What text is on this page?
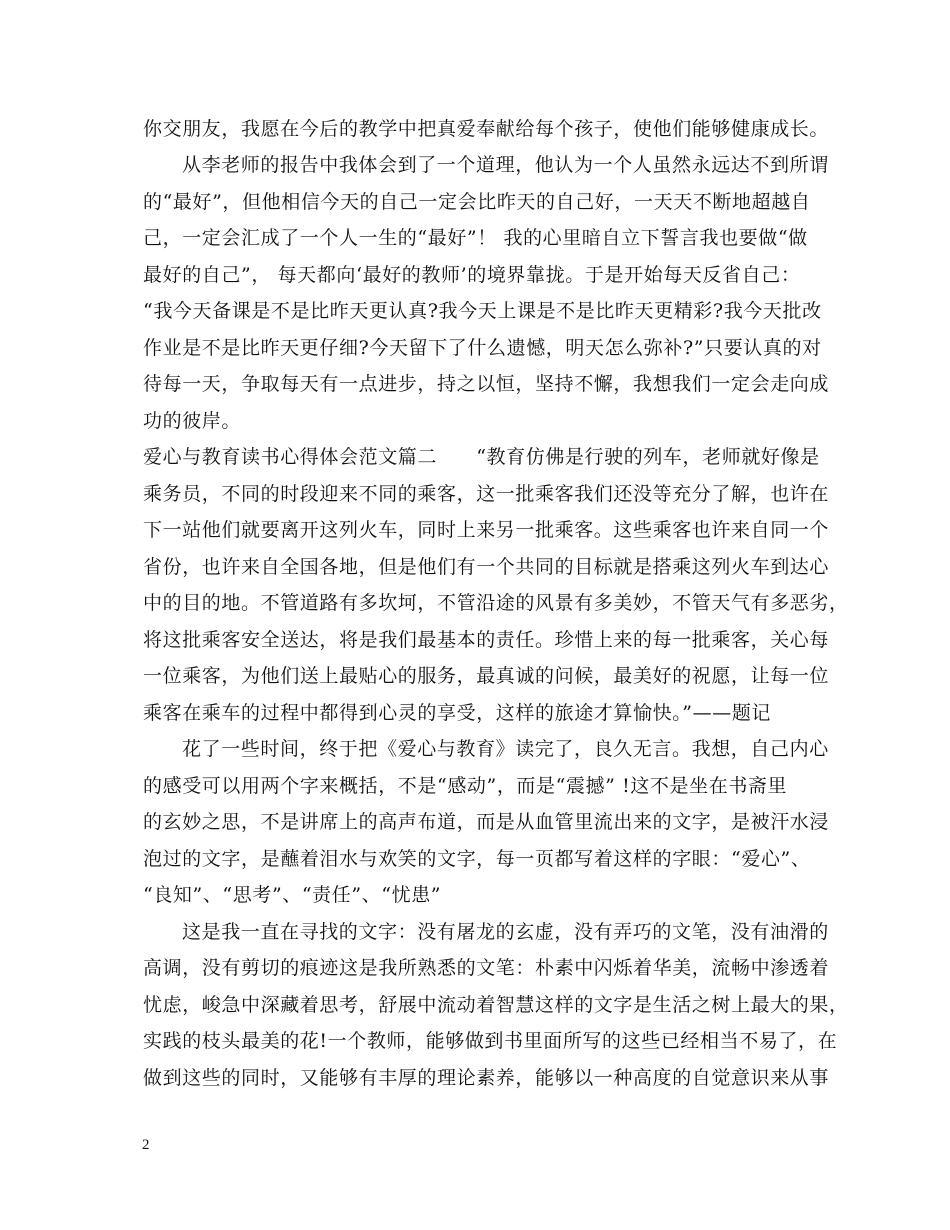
你交朋友，我愿在今后的教学中把真爱奉献给每个孩子，使他们能够健康成长。
从李老师的报告中我体会到了一个道理，他认为一个人虽然永远达不到所谓
的“最好”，但他相信今天的自己一定会比昨天的自己好，一天天不断地超越自
己，一定会汇成了一个人一生的“最好”！ 我的心里暗自立下誓言我也要做“做
最好的自己”， 每天都向‘最好的教师’的境界靠拢。于是开始每天反省自己：
“我今天备课是不是比昨天更认真?我今天上课是不是比昨天更精彩?我今天批改
作业是不是比昨天更仔细?今天留下了什么遗憾，明天怎么弥补?”只要认真的对
待每一天，争取每天有一点进步，持之以恒，坚持不懈，我想我们一定会走向成
功的彼岸。
爱心与教育读书心得体会范文篇二　　“教育仿佛是行驶的列车，老师就好像是
乘务员，不同的时段迎来不同的乘客，这一批乘客我们还没等充分了解，也许在
下一站他们就要离开这列火车，同时上来另一批乘客。这些乘客也许来自同一个
省份，也许来自全国各地，但是他们有一个共同的目标就是搭乘这列火车到达心
中的目的地。不管道路有多坎坷，不管沿途的风景有多美妙，不管天气有多恶劣，
将这批乘客安全送达，将是我们最基本的责任。珍惜上来的每一批乘客，关心每
一位乘客，为他们送上最贴心的服务，最真诚的问候，最美好的祝愿，让每一位
乘客在乘车的过程中都得到心灵的享受，这样的旅途才算愉快。”——题记
花了一些时间，终于把《爱心与教育》读完了，良久无言。我想，自己内心
的感受可以用两个字来概括，不是“感动”，而是“震撼” !这不是坐在书斋里
的玄妙之思，不是讲席上的高声布道，而是从血管里流出来的文字，是被汗水浸
泡过的文字，是蘸着泪水与欢笑的文字，每一页都写着这样的字眼：“爱心”、
“良知”、“思考”、“责任”、“忧患”
这是我一直在寻找的文字：没有屠龙的玄虚，没有弄巧的文笔，没有油滑的
高调，没有剪切的痕迹这是我所熟悉的文笔：朴素中闪烁着华美，流畅中渗透着
忧虑，峻急中深藏着思考，舒展中流动着智慧这样的文字是生活之树上最大的果，
实践的枝头最美的花!一个教师，能够做到书里面所写的这些已经相当不易了，在
做到这些的同时，又能够有丰厚的理论素养，能够以一种高度的自觉意识来从事
2
